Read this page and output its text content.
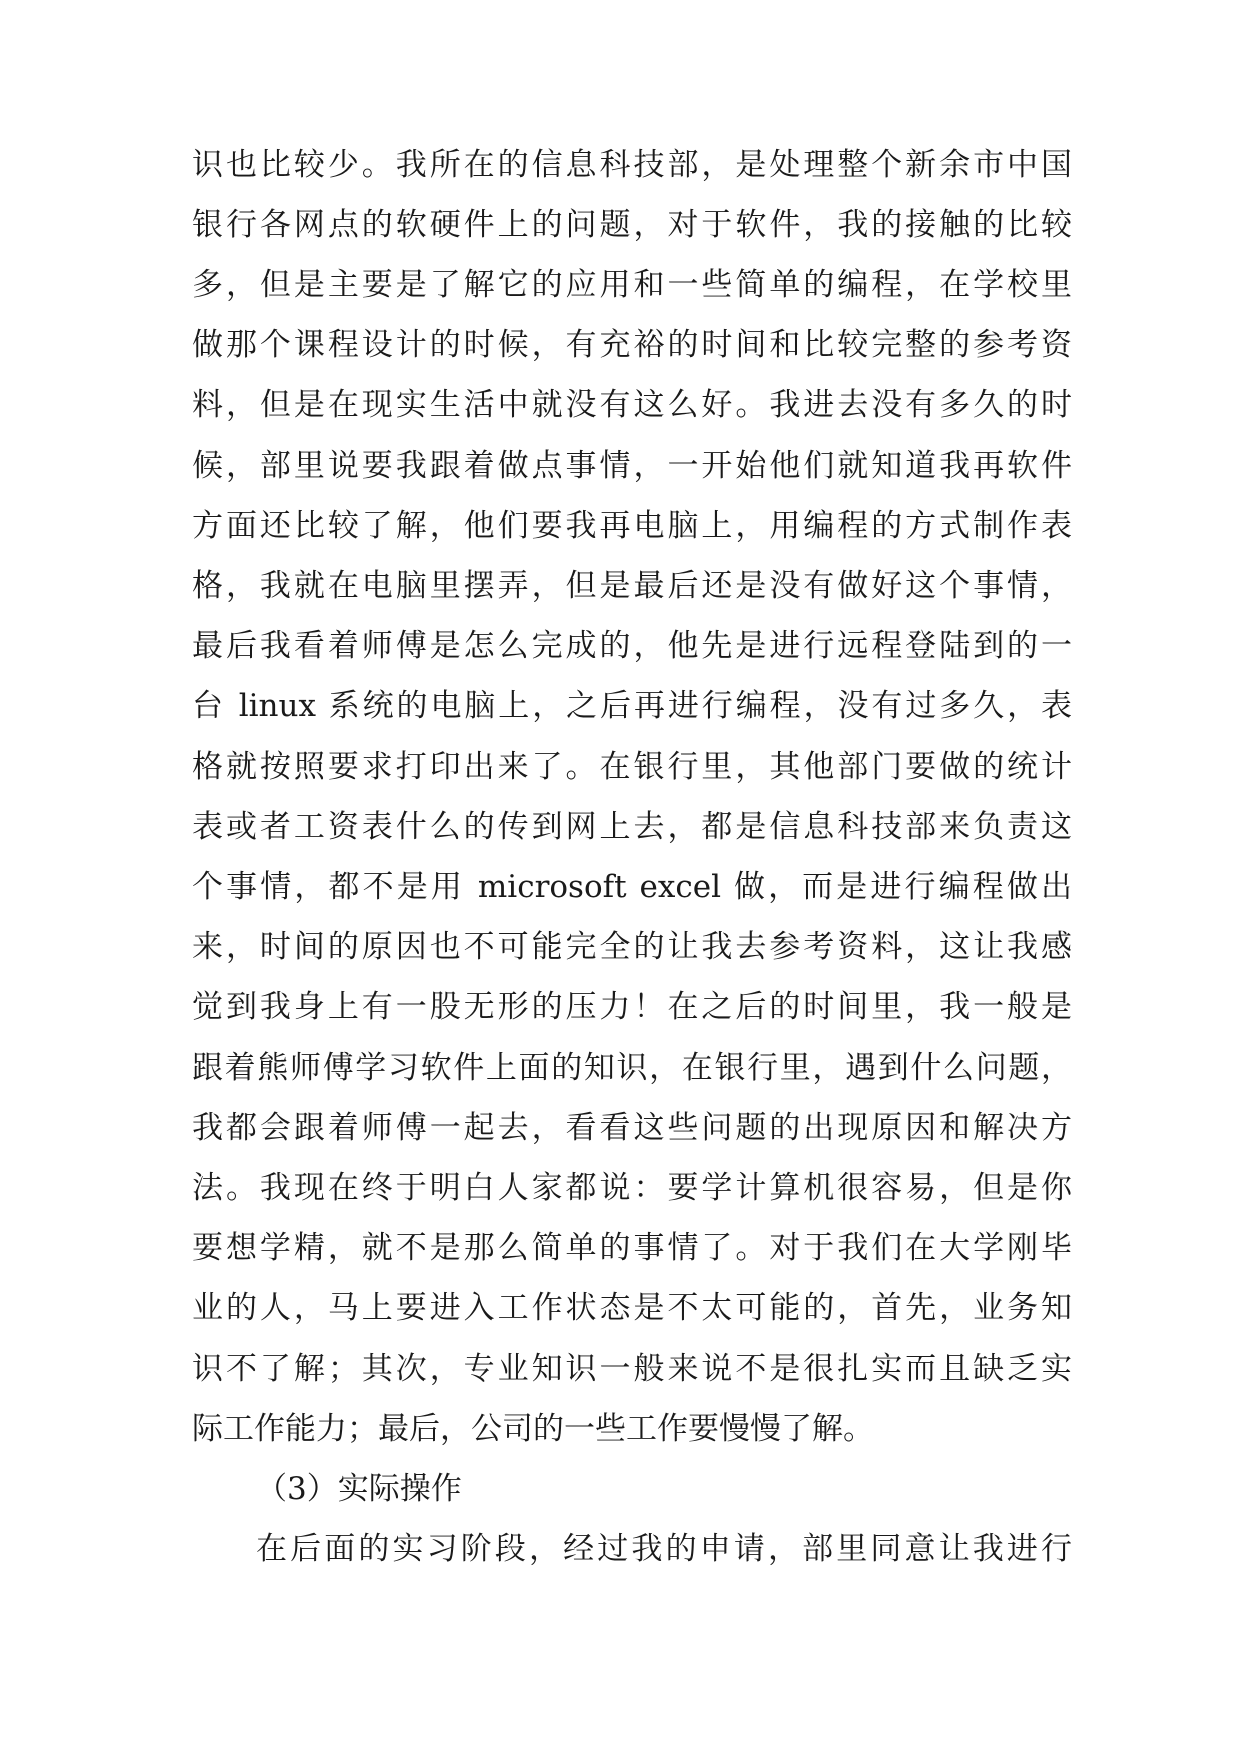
识也比较少。我所在的信息科技部，是处理整个新余市中国
银行各网点的软硬件上的问题，对于软件，我的接触的比较
多，但是主要是了解它的应用和一些简单的编程，在学校里
做那个课程设计的时候，有充裕的时间和比较完整的参考资
料，但是在现实生活中就没有这么好。我进去没有多久的时
候，部里说要我跟着做点事情，一开始他们就知道我再软件
方面还比较了解，他们要我再电脑上，用编程的方式制作表
格，我就在电脑里摆弄，但是最后还是没有做好这个事情，
最后我看着师傅是怎么完成的，他先是进行远程登陆到的一
台 linux 系统的电脑上，之后再进行编程，没有过多久，表
格就按照要求打印出来了。在银行里，其他部门要做的统计
表或者工资表什么的传到网上去，都是信息科技部来负责这
个事情，都不是用 microsoft excel 做，而是进行编程做出
来，时间的原因也不可能完全的让我去参考资料，这让我感
觉到我身上有一股无形的压力！在之后的时间里，我一般是
跟着熊师傅学习软件上面的知识，在银行里，遇到什么问题，
我都会跟着师傅一起去，看看这些问题的出现原因和解决方
法。我现在终于明白人家都说：要学计算机很容易，但是你
要想学精，就不是那么简单的事情了。对于我们在大学刚毕
业的人，马上要进入工作状态是不太可能的，首先，业务知
识不了解；其次，专业知识一般来说不是很扎实而且缺乏实
际工作能力；最后，公司的一些工作要慢慢了解。
（3）实际操作
在后面的实习阶段，经过我的申请，部里同意让我进行
